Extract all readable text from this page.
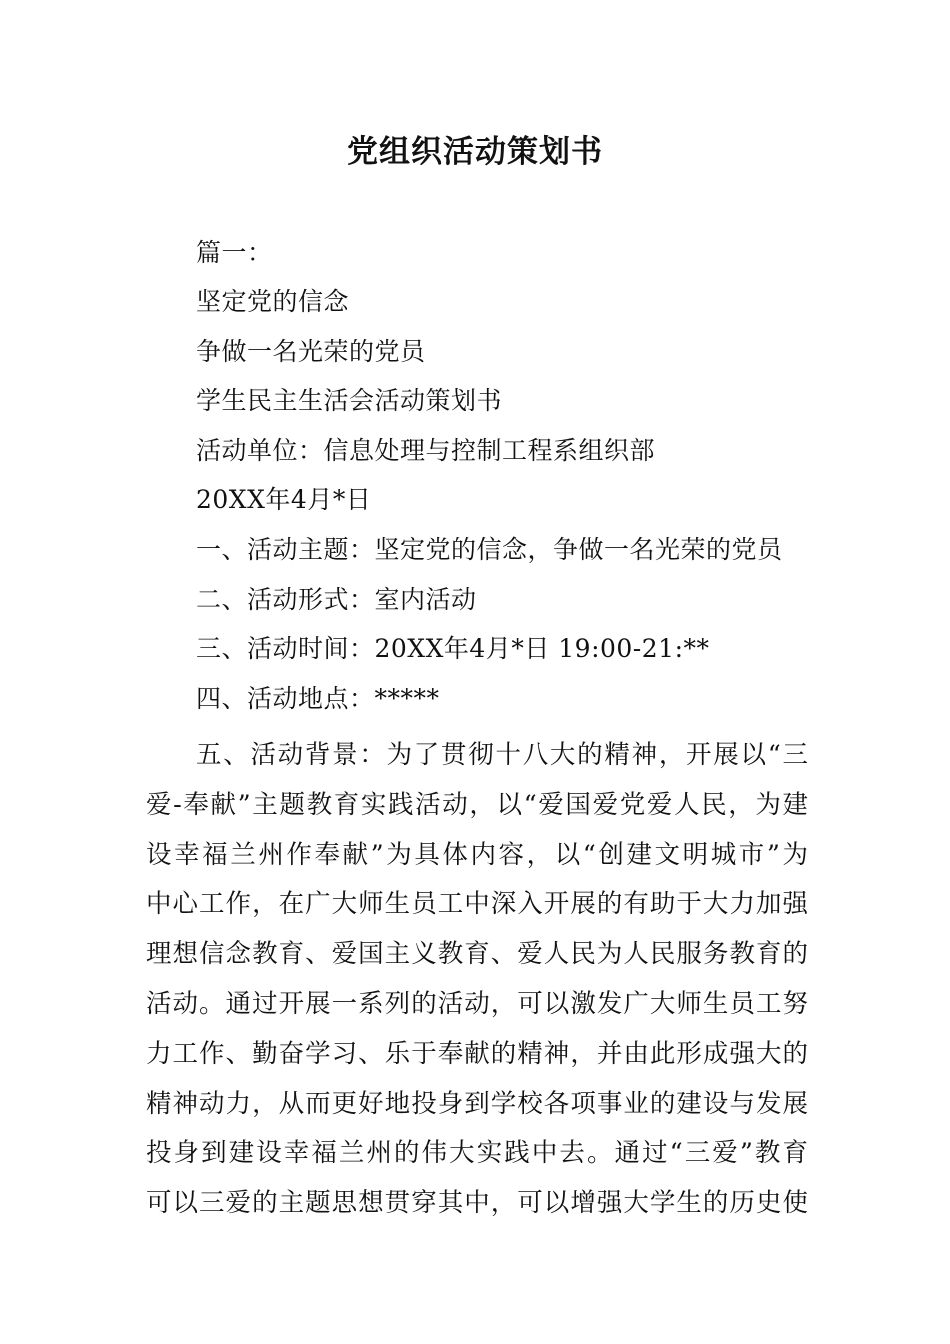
党组织活动策划书
篇一：
坚定党的信念
争做一名光荣的党员
学生民主生活会活动策划书
活动单位：信息处理与控制工程系组织部
20XX年4月*日
一、活动主题：坚定党的信念，争做一名光荣的党员
二、活动形式：室内活动
三、活动时间：20XX年4月*日 19:00-21:**
四、活动地点：*****
五、活动背景：为了贯彻十八大的精神，开展以“三
爱-奉献”主题教育实践活动，以“爱国爱党爱人民，为建
设幸福兰州作奉献”为具体内容，以“创建文明城市”为
中心工作，在广大师生员工中深入开展的有助于大力加强
理想信念教育、爱国主义教育、爱人民为人民服务教育的
活动。通过开展一系列的活动，可以激发广大师生员工努
力工作、勤奋学习、乐于奉献的精神，并由此形成强大的
精神动力，从而更好地投身到学校各项事业的建设与发展
投身到建设幸福兰州的伟大实践中去。通过“三爱”教育
可以三爱的主题思想贯穿其中，可以增强大学生的历史使
